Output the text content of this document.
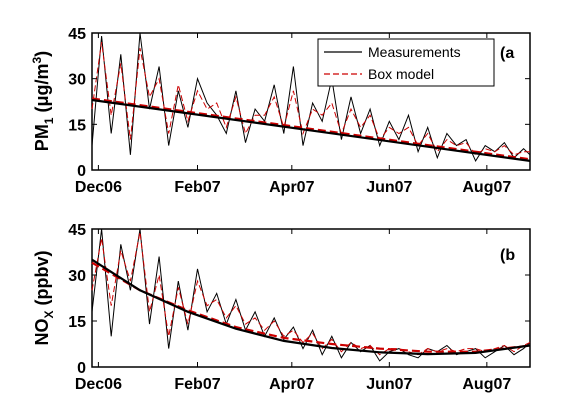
0
15
30
45
Dec06	Feb07	Apr07	Jun07	Aug07
(a
Measurements
Box model
$PM_1$ $(\mu g/m^3)$
0
15
30
45
Dec06	Feb07	Apr07	Jun07	Aug07
(b
$NO_X$ (ppbv)
